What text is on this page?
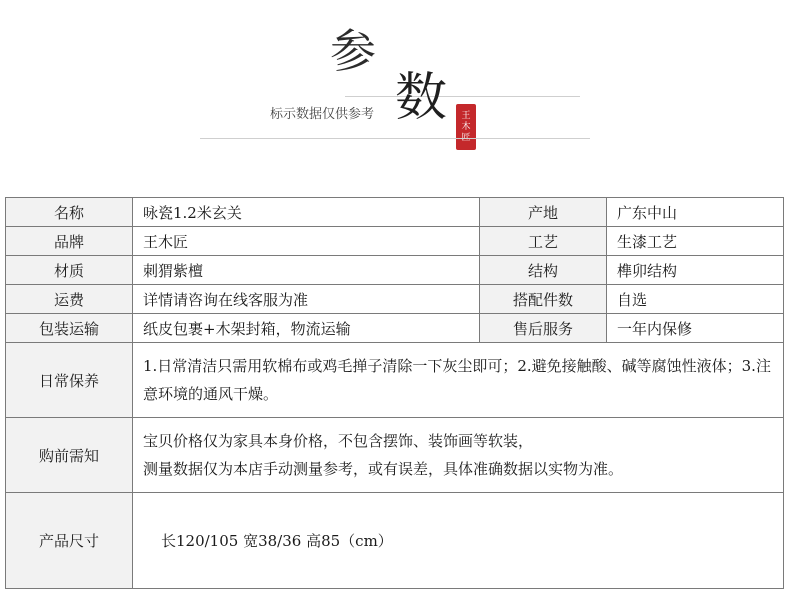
参
标示数据仅供参考 数 王
木
名称	咏瓷1.2米玄关	产地	广东中山
品牌	王木匠	工艺	生漆工艺
材质	刺猬紫檀	结构	榫卯结构
运费	详情请咨询在线客服为准	搭配件数	自选
包装运输	纸皮包裹+木架封箱，物流运输	售后服务	一年内保修
日常保养	1.日常清洁只需用软棉布或鸡毛掸子清除一下灰尘即可；2.避免接触酸、碱等腐蚀性液体；3.注意环境的通风干燥。		
购前需知	宝贝价格仅为家具本身价格，不包含摆饰、装饰画等软装，
测量数据仅为本店手动测量参考，或有误差，具体准确数据以实物为准。		

产品尺寸	长120/105 宽38/36 高85（cm）		
